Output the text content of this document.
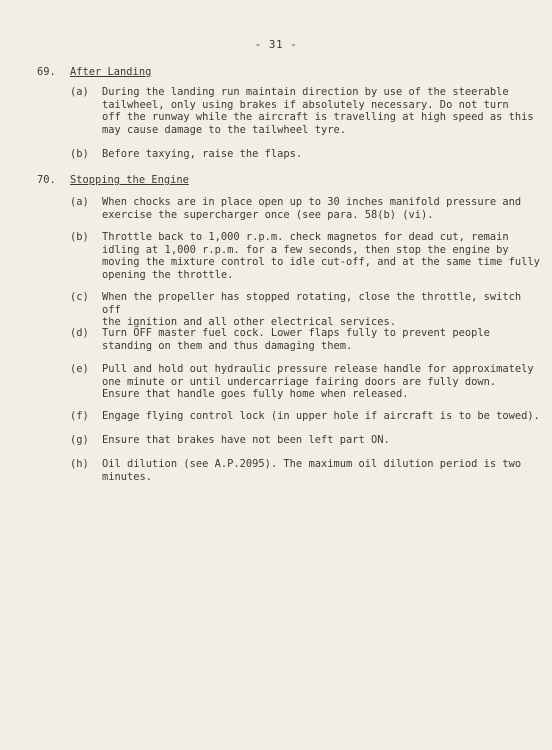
- 31 -
69. After Landing
(a) During the landing run maintain direction by use of the steerable
tailwheel, only using brakes if absolutely necessary. Do not turn
off the runway while the aircraft is travelling at high speed as this
may cause damage to the tailwheel tyre.
(b) Before taxying, raise the flaps.
70. Stopping the Engine
(a) When chocks are in place open up to 30 inches manifold pressure and
exercise the supercharger once (see para. 58(b) (vi).
(b) Throttle back to 1,000 r.p.m. check magnetos for dead cut, remain
idling at 1,000 r.p.m. for a few seconds, then stop the engine by
moving the mixture control to idle cut-off, and at the same time fully
opening the throttle.
(c) When the propeller has stopped rotating, close the throttle, switch off
the ignition and all other electrical services.
(d) Turn OFF master fuel cock. Lower flaps fully to prevent people
standing on them and thus damaging them.
(e) Pull and hold out hydraulic pressure release handle for approximately
one minute or until undercarriage fairing doors are fully down.
Ensure that handle goes fully home when released.
(f) Engage flying control lock (in upper hole if aircraft is to be towed).
(g) Ensure that brakes have not been left part ON.
(h) Oil dilution (see A.P.2095). The maximum oil dilution period is two
minutes.
